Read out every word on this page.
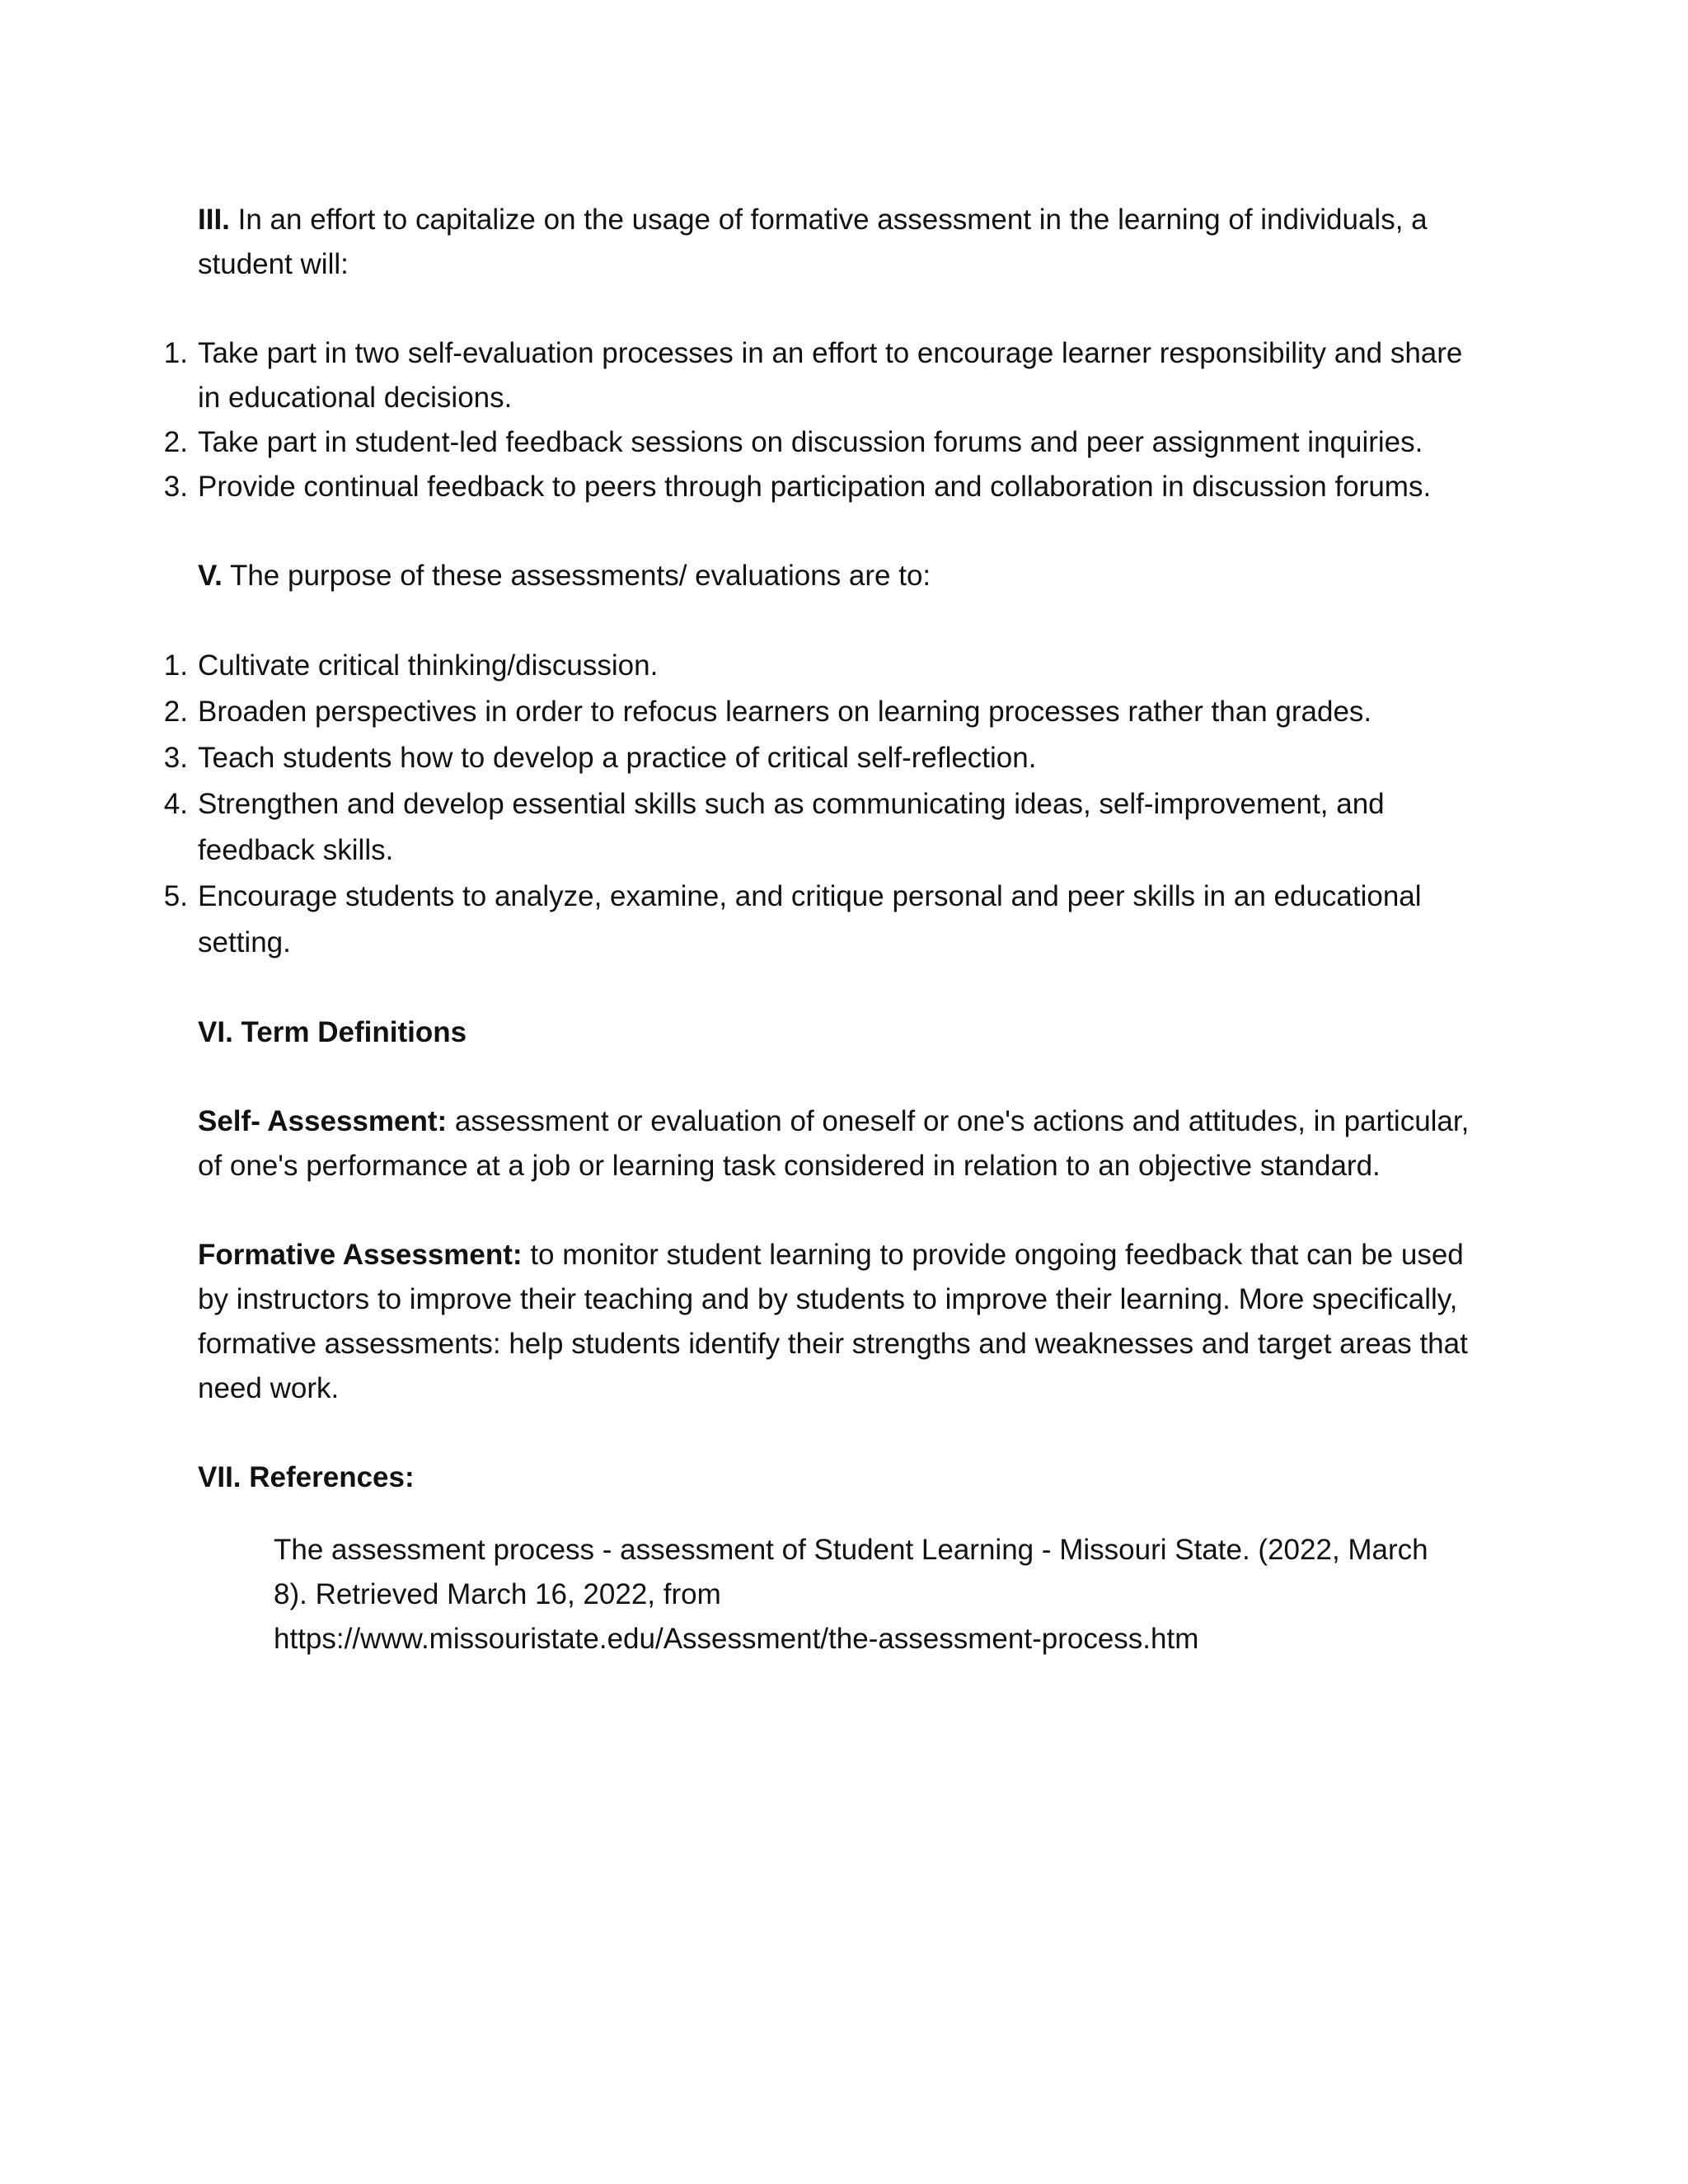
III. In an effort to capitalize on the usage of formative assessment in the learning of individuals, a student will:

1. Take part in two self-evaluation processes in an effort to encourage learner responsibility and share in educational decisions.
2. Take part in student-led feedback sessions on discussion forums and peer assignment inquiries.
3. Provide continual feedback to peers through participation and collaboration in discussion forums.

V. The purpose of these assessments/ evaluations are to:

1. Cultivate critical thinking/discussion.
2. Broaden perspectives in order to refocus learners on learning processes rather than grades.
3. Teach students how to develop a practice of critical self-reflection.
4. Strengthen and develop essential skills such as communicating ideas, self-improvement, and feedback skills.
5. Encourage students to analyze, examine, and critique personal and peer skills in an educational setting.

VI. Term Definitions

Self- Assessment: assessment or evaluation of oneself or one's actions and attitudes, in particular, of one's performance at a job or learning task considered in relation to an objective standard.

Formative Assessment: to monitor student learning to provide ongoing feedback that can be used by instructors to improve their teaching and by students to improve their learning. More specifically, formative assessments: help students identify their strengths and weaknesses and target areas that need work.

VII. References:

The assessment process - assessment of Student Learning - Missouri State. (2022, March
8). Retrieved March 16, 2022, from
https://www.missouristate.edu/Assessment/the-assessment-process.htm
